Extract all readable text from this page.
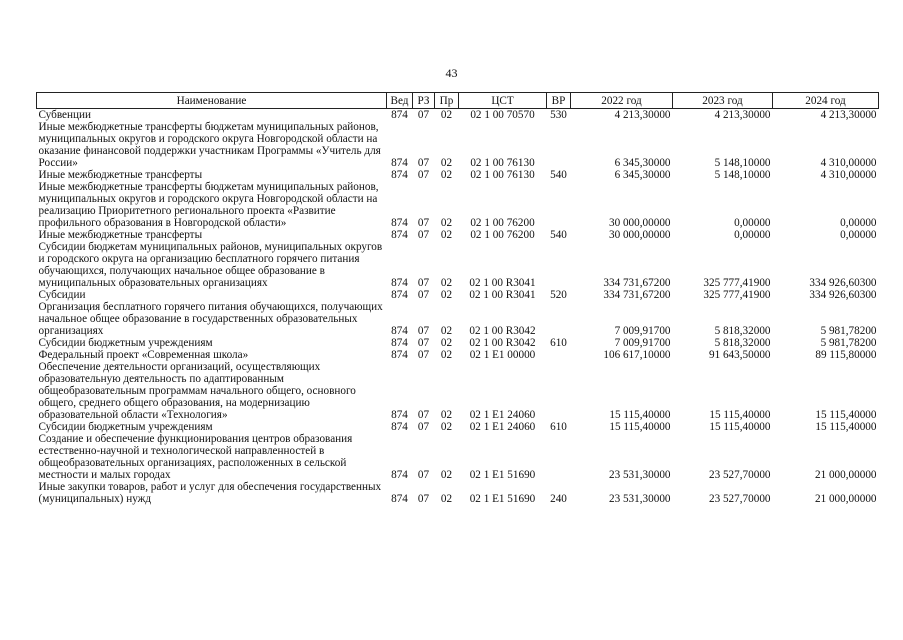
43
Наименование	Вед	РЗ	Пр	ЦСТ	ВР	2022 год	2023 год	2024 год
Субвенции	874	07	02	02 1 00 70570	530	4 213,30000	4 213,30000	4 213,30000
Иные межбюджетные трансферты бюджетам муниципальных районов, муниципальных округов и городского округа Новгородской области на оказание финансовой поддержки участникам Программы «Учитель для России»	874	07	02	02 1 00 76130		6 345,30000	5 148,10000	4 310,00000
Иные межбюджетные трансферты	874	07	02	02 1 00 76130	540	6 345,30000	5 148,10000	4 310,00000
Иные межбюджетные трансферты бюджетам муниципальных районов, муниципальных округов и городского округа Новгородской области на реализацию Приоритетного регионального проекта «Развитие профильного образования в Новгородской области»	874	07	02	02 1 00 76200		30 000,00000	0,00000	0,00000
Иные межбюджетные трансферты	874	07	02	02 1 00 76200	540	30 000,00000	0,00000	0,00000
Субсидии бюджетам муниципальных районов, муниципальных округов и городского округа на организацию бесплатного горячего питания обучающихся, получающих начальное общее образование в муниципальных образовательных организациях	874	07	02	02 1 00 R3041		334 731,67200	325 777,41900	334 926,60300
Субсидии	874	07	02	02 1 00 R3041	520	334 731,67200	325 777,41900	334 926,60300
Организация бесплатного горячего питания обучающихся, получающих начальное общее образование в государственных образовательных организациях	874	07	02	02 1 00 R3042		7 009,91700	5 818,32000	5 981,78200
Субсидии бюджетным учреждениям	874	07	02	02 1 00 R3042	610	7 009,91700	5 818,32000	5 981,78200
Федеральный проект «Современная школа»	874	07	02	02 1 E1 00000		106 617,10000	91 643,50000	89 115,80000
Обеспечение деятельности организаций, осуществляющих образовательную деятельность по адаптированным общеобразовательным программам начального общего, основного общего, среднего общего образования, на модернизацию образовательной области «Технология»	874	07	02	02 1 E1 24060		15 115,40000	15 115,40000	15 115,40000
Субсидии бюджетным учреждениям	874	07	02	02 1 E1 24060	610	15 115,40000	15 115,40000	15 115,40000
Создание и обеспечение функционирования центров образования естественно-научной и технологической направленностей в общеобразовательных организациях, расположенных в сельской местности и малых городах	874	07	02	02 1 E1 51690		23 531,30000	23 527,70000	21 000,00000
Иные закупки товаров, работ и услуг для обеспечения государственных (муниципальных) нужд	874	07	02	02 1 E1 51690	240	23 531,30000	23 527,70000	21 000,00000
